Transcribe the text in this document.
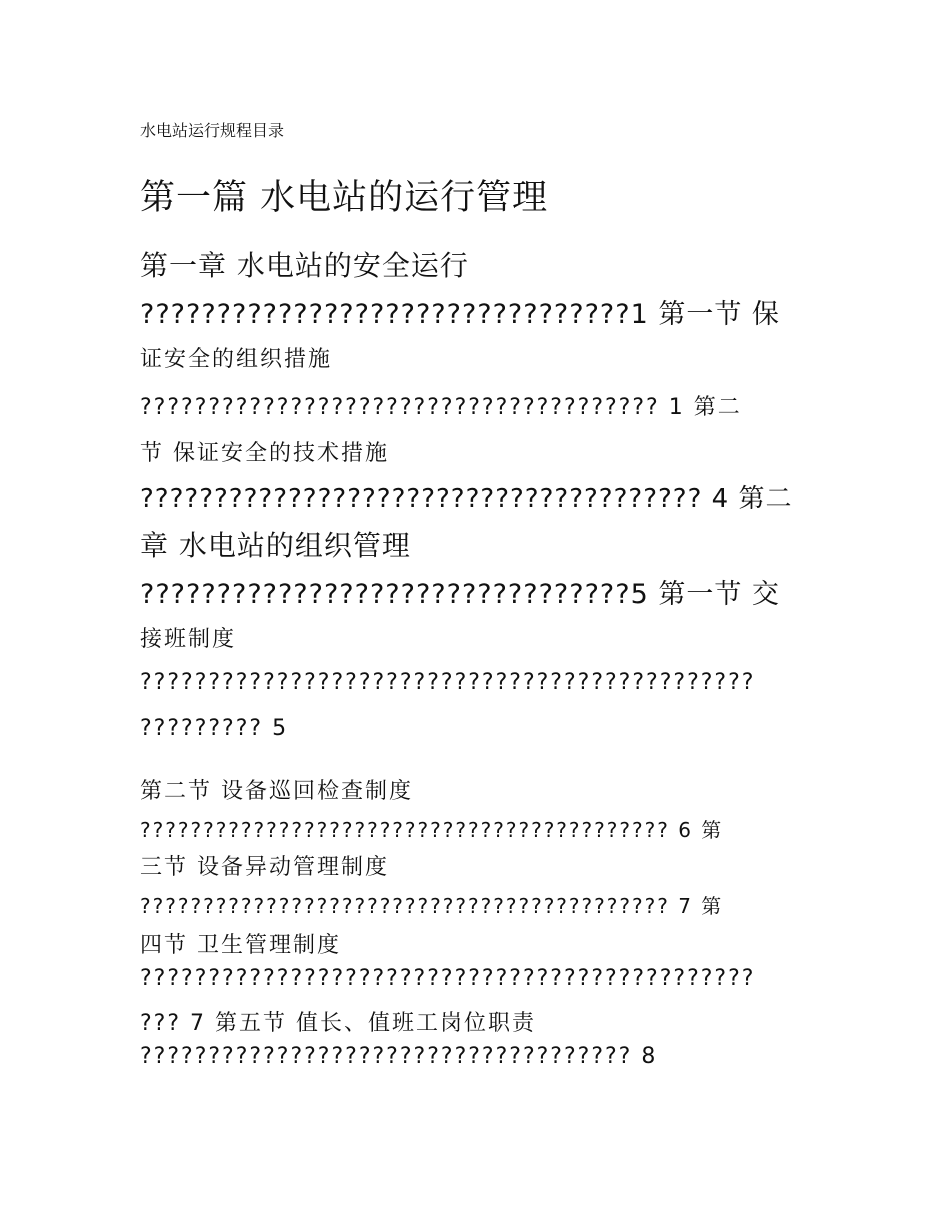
水电站运行规程目录
第一篇 水电站的运行管理
第一章 水电站的安全运行
????????????????????????????????1 第一节 保
证安全的组织措施
?????????????????????????????????????? 1 第二
节 保证安全的技术措施
?????????????????????????????????????? 4 第二
章 水电站的组织管理
????????????????????????????????5 第一节 交
接班制度
?????????????????????????????????????????????
????????? 5
第二节 设备巡回检查制度
?????????????????????????????????????????? 6 第
三节 设备异动管理制度
?????????????????????????????????????????? 7 第
四节 卫生管理制度
?????????????????????????????????????????????
??? 7 第五节 值长、值班工岗位职责
???????????????????????????????????? 8
